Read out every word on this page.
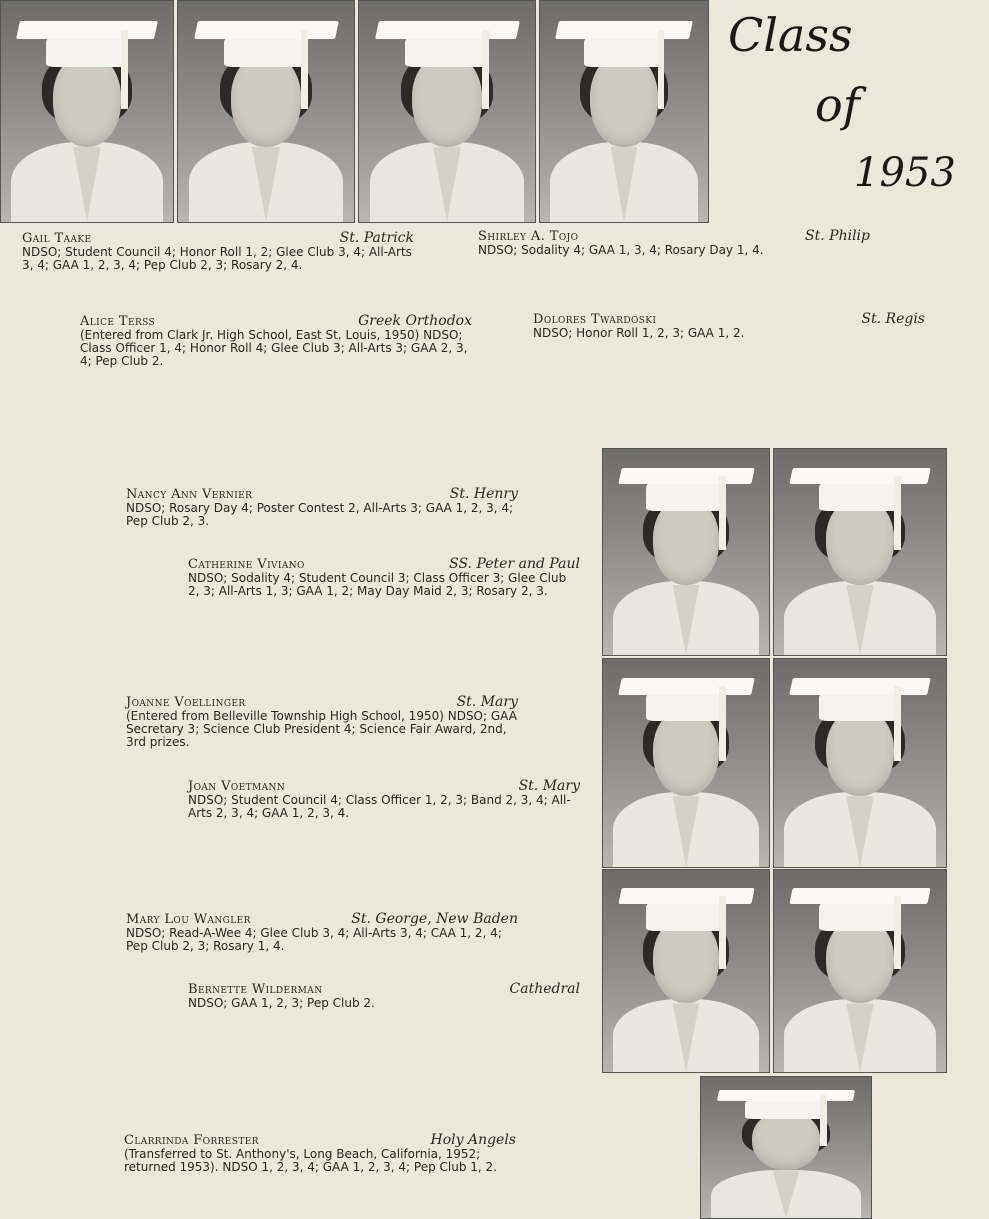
Class
of
1953
Gail Taake	St. Patrick
NDSO; Student Council 4; Honor Roll 1, 2; Glee Club 3, 4; All-Arts 3, 4; GAA 1, 2, 3, 4; Pep Club 2, 3; Rosary 2, 4.
Shirley A. Tojo	St. Philip
NDSO; Sodality 4; GAA 1, 3, 4; Rosary Day 1, 4.
Alice Terss	Greek Orthodox
(Entered from Clark Jr. High School, East St. Louis, 1950) NDSO; Class Officer 1, 4; Honor Roll 4; Glee Club 3; All-Arts 3; GAA 2, 3, 4; Pep Club 2.
Dolores Twardoski	St. Regis
NDSO; Honor Roll 1, 2, 3; GAA 1, 2.
Nancy Ann Vernier	St. Henry
NDSO; Rosary Day 4; Poster Contest 2, All-Arts 3; GAA 1, 2, 3, 4; Pep Club 2, 3.
Catherine Viviano	SS. Peter and Paul
NDSO; Sodality 4; Student Council 3; Class Officer 3; Glee Club 2, 3; All-Arts 1, 3; GAA 1, 2; May Day Maid 2, 3; Rosary 2, 3.
Joanne Voellinger	St. Mary
(Entered from Belleville Township High School, 1950) NDSO; GAA Secretary 3; Science Club President 4; Science Fair Award, 2nd, 3rd prizes.
Joan Voetmann	St. Mary
NDSO; Student Council 4; Class Officer 1, 2, 3; Band 2, 3, 4; All-Arts 2, 3, 4; GAA 1, 2, 3, 4.
Mary Lou Wangler	St. George, New Baden
NDSO; Read-A-Wee 4; Glee Club 3, 4; All-Arts 3, 4; CAA 1, 2, 4; Pep Club 2, 3; Rosary 1, 4.
Bernette Wilderman	Cathedral
NDSO; GAA 1, 2, 3; Pep Club 2.
Clarrinda Forrester	Holy Angels
(Transferred to St. Anthony's, Long Beach, California, 1952; returned 1953). NDSO 1, 2, 3, 4; GAA 1, 2, 3, 4; Pep Club 1, 2.
